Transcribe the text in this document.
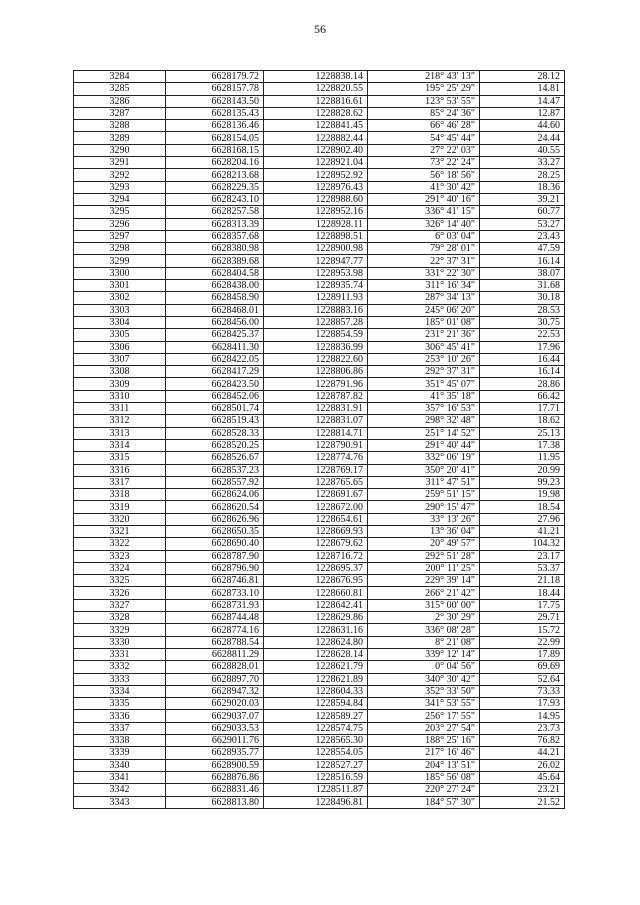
56
3284	6628179.72	1228838.14	218° 43' 13"	28.12
3285	6628157.78	1228820.55	195° 25' 29"	14.81
3286	6628143.50	1228816.61	123° 53' 55"	14.47
3287	6628135.43	1228828.62	85° 24' 36"	12.87
3288	6628136.46	1228841.45	66° 46' 28"	44.60
3289	6628154.05	1228882.44	54° 45' 44"	24.44
3290	6628168.15	1228902.40	27° 22' 03"	40.55
3291	6628204.16	1228921.04	73° 22' 24"	33.27
3292	6628213.68	1228952.92	56° 18' 56"	28.25
3293	6628229.35	1228976.43	41° 30' 42"	18.36
3294	6628243.10	1228988.60	291° 40' 16"	39.21
3295	6628257.58	1228952.16	336° 41' 15"	60.77
3296	6628313.39	1228928.11	326° 14' 40"	53.27
3297	6628357.68	1228898.51	6° 03' 04"	23.43
3298	6628380.98	1228900.98	79° 28' 01"	47.59
3299	6628389.68	1228947.77	22° 37' 31"	16.14
3300	6628404.58	1228953.98	331° 22' 30"	38.07
3301	6628438.00	1228935.74	311° 16' 34"	31.68
3302	6628458.90	1228911.93	287° 34' 13"	30.18
3303	6628468.01	1228883.16	245° 06' 20"	28.53
3304	6628456.00	1228857.28	185° 01' 08"	30.75
3305	6628425.37	1228854.59	231° 21' 36"	22.53
3306	6628411.30	1228836.99	306° 45' 41"	17.96
3307	6628422.05	1228822.60	253° 10' 26"	16.44
3308	6628417.29	1228806.86	292° 37' 31"	16.14
3309	6628423.50	1228791.96	351° 45' 07"	28.86
3310	6628452.06	1228787.82	41° 35' 18"	66.42
3311	6628501.74	1228831.91	357° 16' 53"	17.71
3312	6628519.43	1228831.07	298° 32' 48"	18.62
3313	6628528.33	1228814.71	251° 14' 52"	25.13
3314	6628520.25	1228790.91	291° 40' 44"	17.38
3315	6628526.67	1228774.76	332° 06' 19"	11.95
3316	6628537.23	1228769.17	350° 20' 41"	20.99
3317	6628557.92	1228765.65	311° 47' 51"	99.23
3318	6628624.06	1228691.67	259° 51' 15"	19.98
3319	6628620.54	1228672.00	290° 15' 47"	18.54
3320	6628626.96	1228654.61	33° 13' 26"	27.96
3321	6628650.35	1228669.93	13° 36' 04"	41.21
3322	6628690.40	1228679.62	20° 49' 57"	104.32
3323	6628787.90	1228716.72	292° 51' 28"	23.17
3324	6628796.90	1228695.37	200° 11' 25"	53.37
3325	6628746.81	1228676.95	229° 39' 14"	21.18
3326	6628733.10	1228660.81	266° 21' 42"	18.44
3327	6628731.93	1228642.41	315° 00' 00"	17.75
3328	6628744.48	1228629.86	2° 30' 29"	29.71
3329	6628774.16	1228631.16	336° 08' 28"	15.72
3330	6628788.54	1228624.80	8° 21' 08"	22.99
3331	6628811.29	1228628.14	339° 12' 14"	17.89
3332	6628828.01	1228621.79	0° 04' 56"	69.69
3333	6628897.70	1228621.89	340° 30' 42"	52.64
3334	6628947.32	1228604.33	352° 33' 50"	73.33
3335	6629020.03	1228594.84	341° 53' 55"	17.93
3336	6629037.07	1228589.27	256° 17' 55"	14.95
3337	6629033.53	1228574.75	203° 27' 54"	23.73
3338	6629011.76	1228565.30	188° 25' 16"	76.82
3339	6628935.77	1228554.05	217° 16' 46"	44.21
3340	6628900.59	1228527.27	204° 13' 51"	26.02
3341	6628876.86	1228516.59	185° 56' 08"	45.64
3342	6628831.46	1228511.87	220° 27' 24"	23.21
3343	6628813.80	1228496.81	184° 57' 30"	21.52
